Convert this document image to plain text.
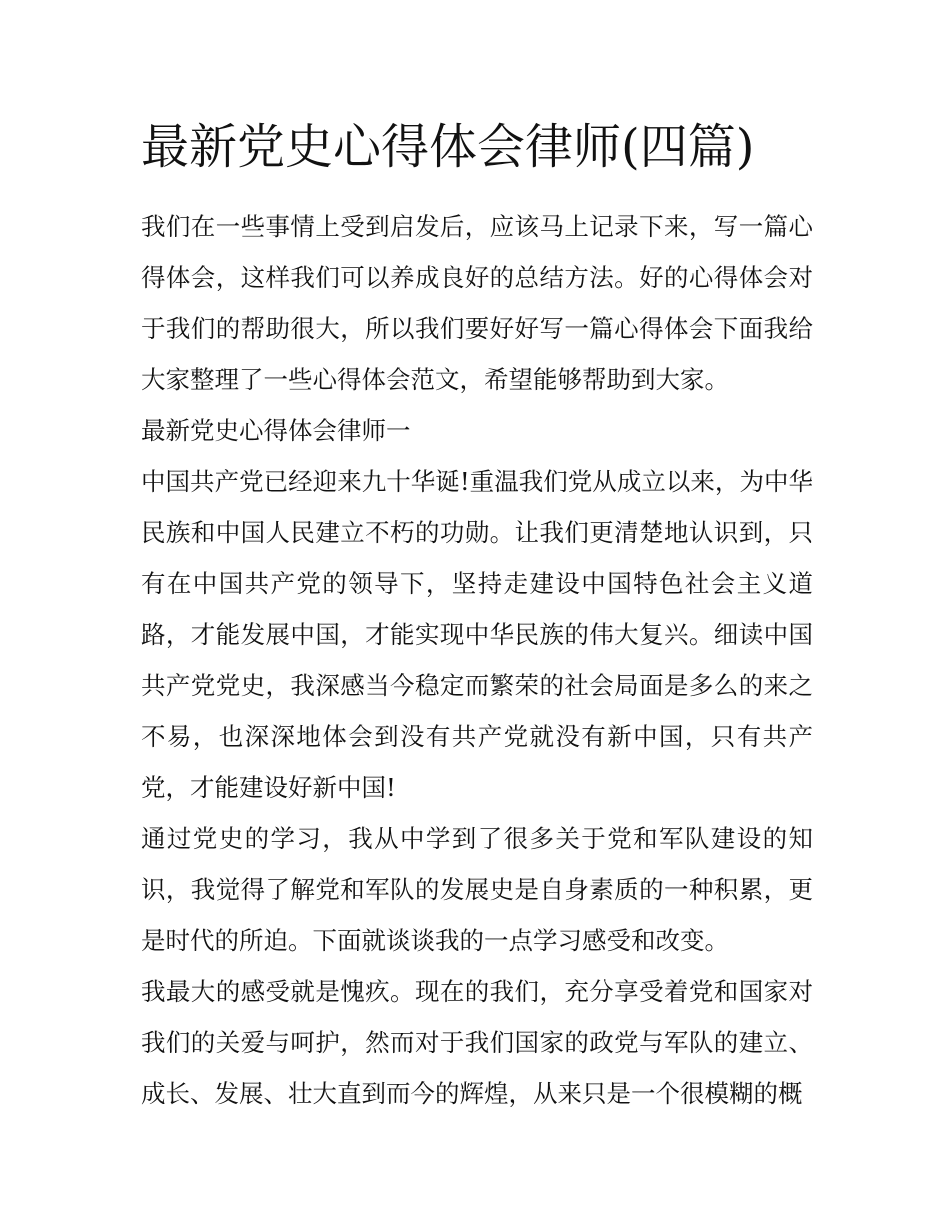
最新党史心得体会律师(四篇)

我们在一些事情上受到启发后，应该马上记录下来，写一篇心得体会，这样我们可以养成良好的总结方法。好的心得体会对于我们的帮助很大，所以我们要好好写一篇心得体会下面我给大家整理了一些心得体会范文，希望能够帮助到大家。

最新党史心得体会律师一

中国共产党已经迎来九十华诞!重温我们党从成立以来，为中华民族和中国人民建立不朽的功勋。让我们更清楚地认识到，只有在中国共产党的领导下，坚持走建设中国特色社会主义道路，才能发展中国，才能实现中华民族的伟大复兴。细读中国共产党党史，我深感当今稳定而繁荣的社会局面是多么的来之不易，也深深地体会到没有共产党就没有新中国，只有共产党，才能建设好新中国!

通过党史的学习，我从中学到了很多关于党和军队建设的知识，我觉得了解党和军队的发展史是自身素质的一种积累，更是时代的所迫。下面就谈谈我的一点学习感受和改变。

我最大的感受就是愧疚。现在的我们，充分享受着党和国家对我们的关爱与呵护，然而对于我们国家的政党与军队的建立、成长、发展、壮大直到而今的辉煌，从来只是一个很模糊的概
